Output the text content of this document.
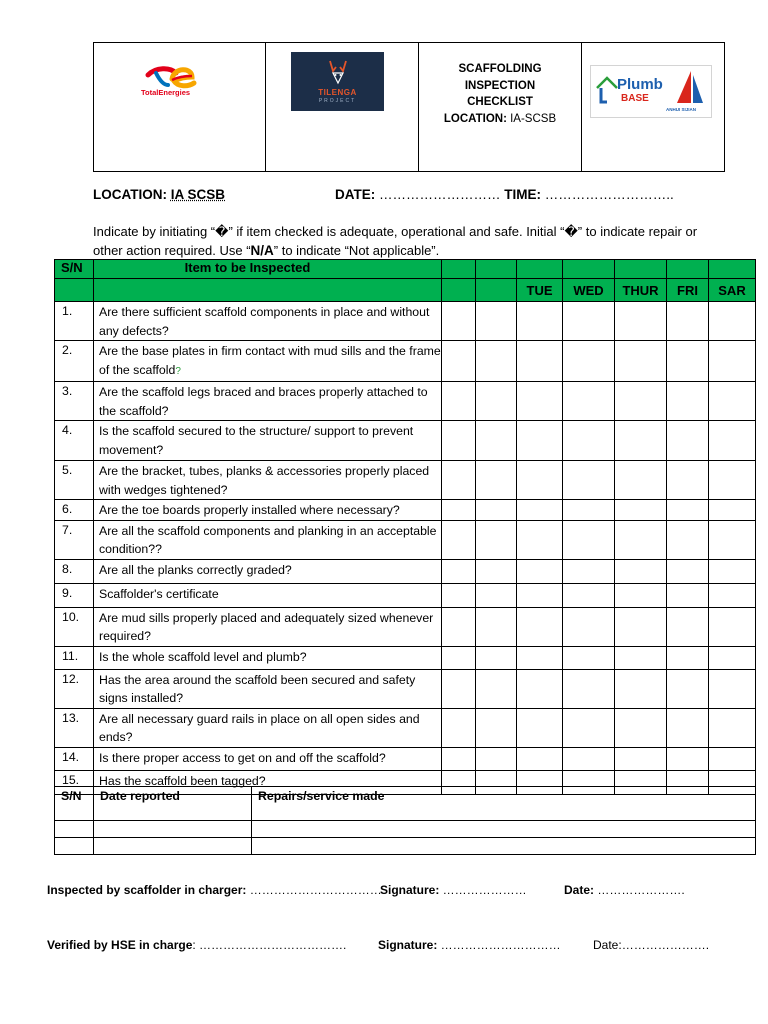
TotalEnergies	TILENGA
PROJECT
SCAFFOLDING
INSPECTION
CHECKLIST
LOCATION: IA-SCSB
Plumb
BASE
ANHUI SIJIAN
LOCATION: IA SCSB	DATE: ……………………… TIME: ………………………..
Indicate by initiating “�” if item checked is adequate, operational and safe. Initial “�” to indicate repair or other action required. Use “N/A” to indicate “Not applicable”.
S/N	Item to be Inspected							
				TUE	WED	THUR	FRI	SAR
1.	Are there sufficient scaffold components in place and without any defects?							
2.	Are the base plates in firm contact with mud sills and the frame of the scaffold?							
3.	Are the scaffold legs braced and braces properly attached to the scaffold?							
4.	Is the scaffold secured to the structure/ support to prevent movement?							
5.	Are the bracket, tubes, planks & accessories properly placed with wedges tightened?							
6.	Are the toe boards properly installed where necessary?							
7.	Are all the scaffold components and planking in an acceptable condition??							
8.	Are all the planks correctly graded?							
9.	Scaffolder's certificate							
10.	Are mud sills properly placed and adequately sized whenever required?							
11.	Is the whole scaffold level and plumb?							
12.	Has the area around the scaffold been secured and safety signs installed?							
13.	Are all necessary guard rails in place on all open sides and ends?							
14.	Is there proper access to get on and off the scaffold?							
15.	Has the scaffold been tagged?							
S/N	Date reported	Repairs/service made

Inspected by scaffolder in charger: ……………………………
Signature: …………………	Date: ………………….
Verified by HSE in charge: ……………………………….	Signature: …………………………	Date:………………….
